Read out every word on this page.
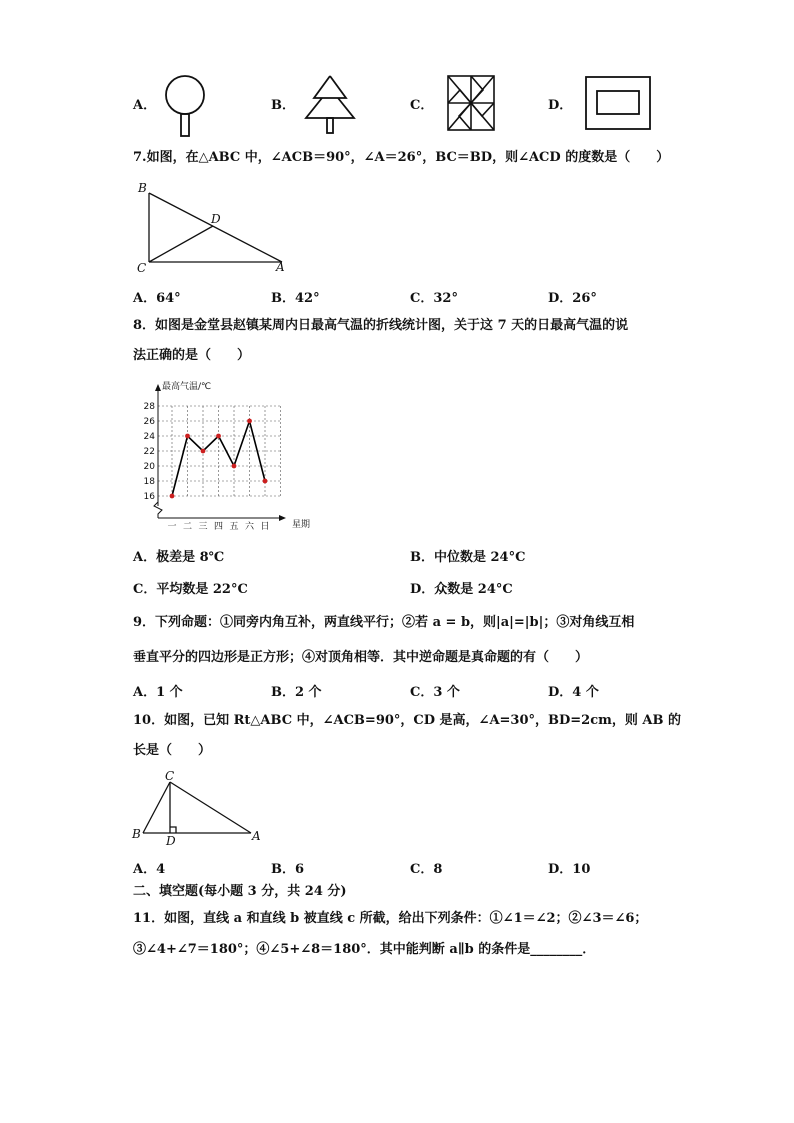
A．	B．	C．	D．
7.如图，在△ABC 中，∠ACB＝90°，∠A＝26°，BC＝BD，则∠ACD 的度数是（　　）
B
D
C	A
A．64°	B．42°	C．32°	D．26°
8．如图是金堂县赵镇某周内日最高气温的折线统计图，关于这 7 天的日最高气温的说
法正确的是（　　）
16
18
20
22
24
26
28
一 二 三 四 五 六 日
最高气温/℃
星期
A．极差是 8℃	B．中位数是 24°C
C．平均数是 22°C	D．众数是 24°C
9．下列命题：①同旁内角互补，两直线平行；②若 a = b，则|a|=|b|；③对角线互相
垂直平分的四边形是正方形；④对顶角相等．其中逆命题是真命题的有（　　）
A．1 个	B．2 个	C．3 个	D．4 个
10．如图，已知 Rt△ABC 中，∠ACB=90°，CD 是高，∠A=30°，BD=2cm，则 AB 的
长是（　　）
C
B D	A
A．4	B．6	C．8	D．10
二、填空题(每小题 3 分，共 24 分)
11．如图，直线 a 和直线 b 被直线 c 所截，给出下列条件：①∠1＝∠2；②∠3＝∠6；
③∠4+∠7＝180°；④∠5+∠8＝180°．其中能判断 a∥b 的条件是________．
